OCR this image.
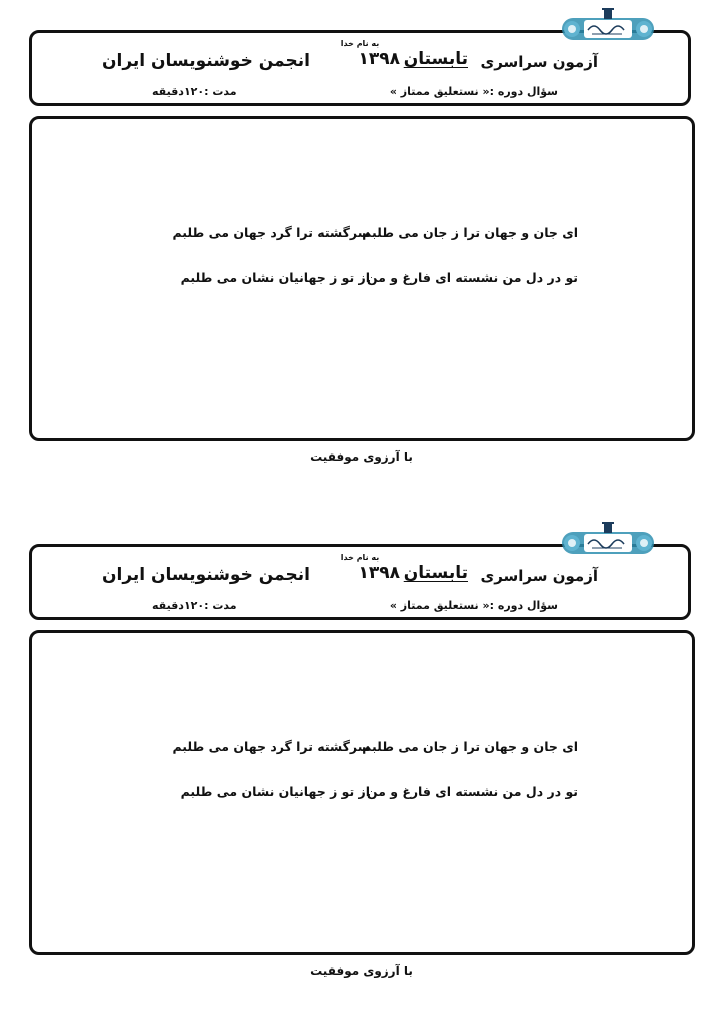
به نام خدا
آزمون سراسری
تابستان
۱۳۹۸
انجمن خوشنویسان ایران
سؤال دوره :« نستعلیق ممتاز »
مدت :۱۲۰دقیقه
ای جان و جهان ترا ز جان می طلبم
سرگشته ترا گرد جهان می طلبم
تو در دل من نشسته ای فارغ و من
از تو ز جهانیان نشان می طلبم
با آرزوی موفقیت
به نام خدا
آزمون سراسری
تابستان
۱۳۹۸
انجمن خوشنویسان ایران
سؤال دوره :« نستعلیق ممتاز »
مدت :۱۲۰دقیقه
ای جان و جهان ترا ز جان می طلبم
سرگشته ترا گرد جهان می طلبم
تو در دل من نشسته ای فارغ و من
از تو ز جهانیان نشان می طلبم
با آرزوی موفقیت
